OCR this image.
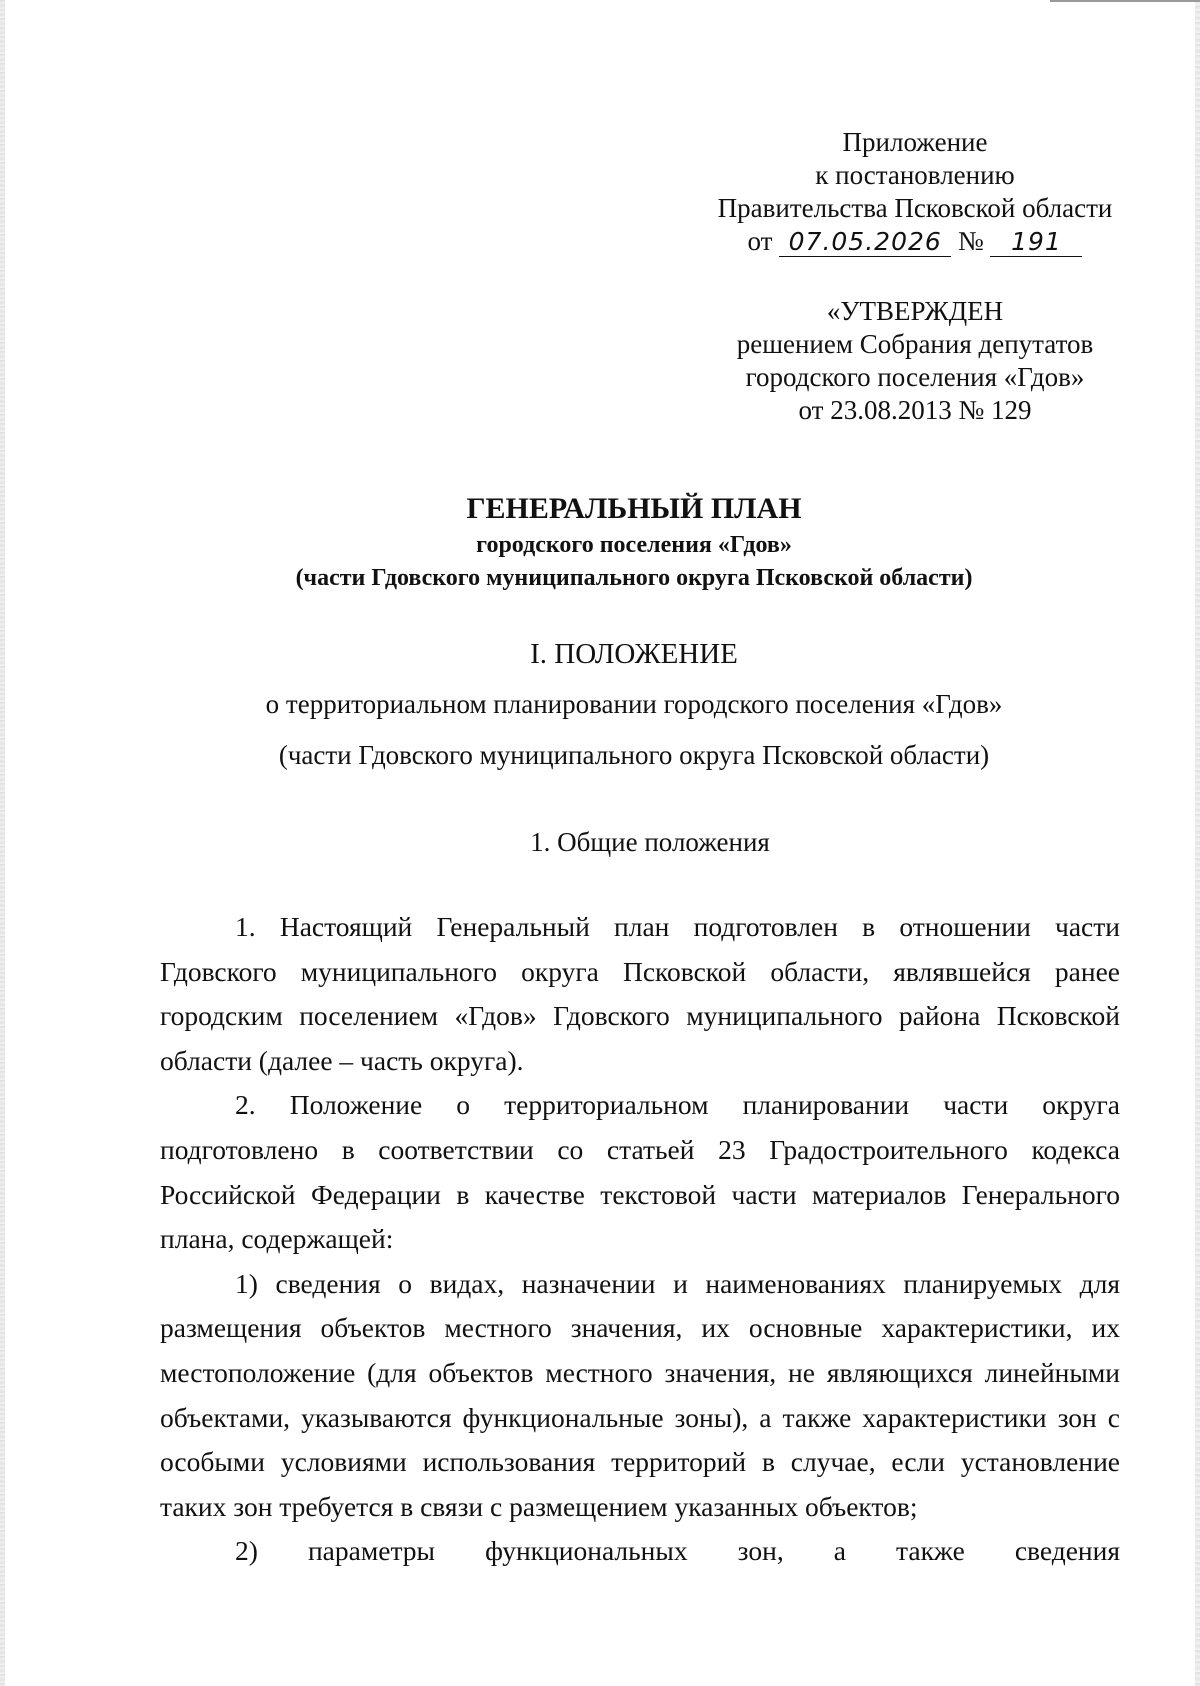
Приложение
к постановлению
Правительства Псковской области
от 07.05.2026 № 191
«УТВЕРЖДЕН
решением Собрания депутатов
городского поселения «Гдов»
от 23.08.2013 № 129
ГЕНЕРАЛЬНЫЙ ПЛАН
городского поселения «Гдов»
(части Гдовского муниципального округа Псковской области)
I. ПОЛОЖЕНИЕ
о территориальном планировании городского поселения «Гдов»
(части Гдовского муниципального округа Псковской области)
1. Общие положения

1. Настоящий Генеральный план подготовлен в отношении части Гдовского муниципального округа Псковской области, являвшейся ранее городским поселением «Гдов» Гдовского муниципального района Псковской области (далее – часть округа).

2. Положение о территориальном планировании части округа подготовлено в соответствии со статьей 23 Градостроительного кодекса Российской Федерации в качестве текстовой части материалов Генерального плана, содержащей:

1) сведения о видах, назначении и наименованиях планируемых для размещения объектов местного значения, их основные характеристики, их местоположение (для объектов местного значения, не являющихся линейными объектами, указываются функциональные зоны), а также характеристики зон с особыми условиями использования территорий в случае, если установление таких зон требуется в связи с размещением указанных объектов;

2) параметры функциональных зон, а также сведения
